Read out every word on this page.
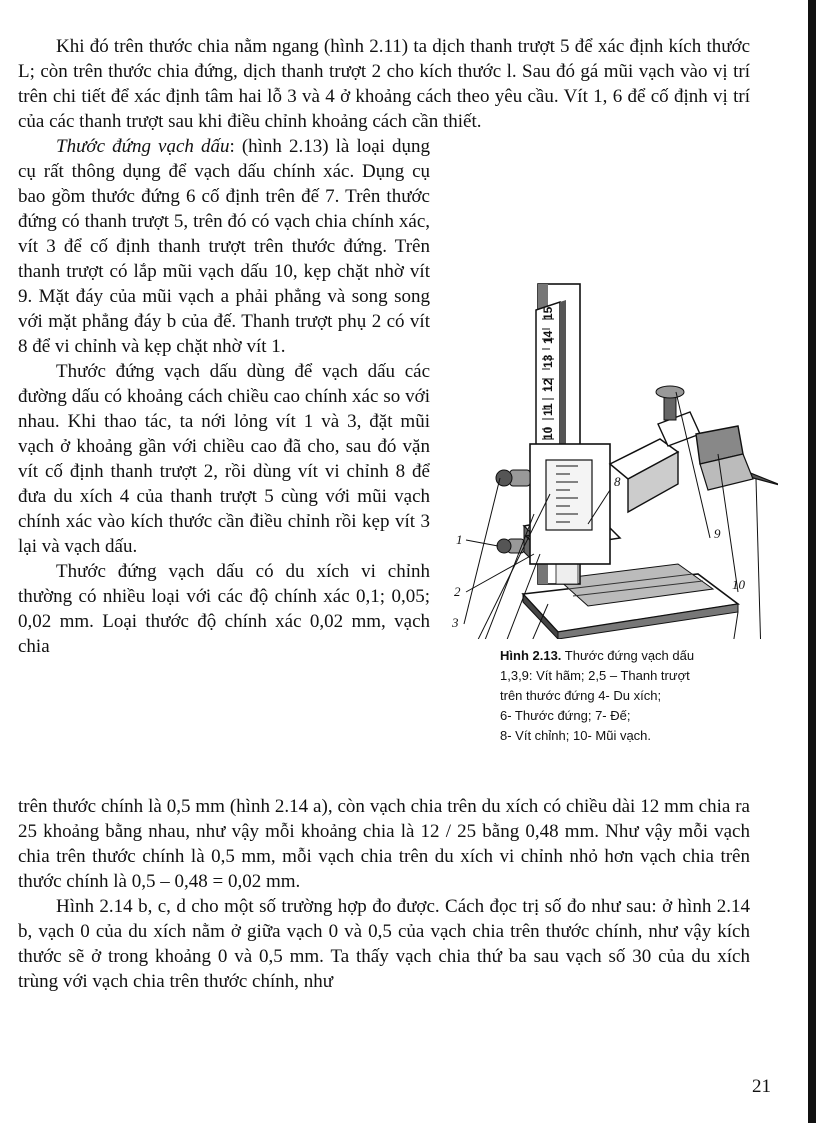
Khi đó trên thước chia nằm ngang (hình 2.11) ta dịch thanh trượt 5 để xác định kích thước L; còn trên thước chia đứng, dịch thanh trượt 2 cho kích thước l. Sau đó gá mũi vạch vào vị trí trên chi tiết để xác định tâm hai lỗ 3 và 4 ở khoảng cách theo yêu cầu. Vít 1, 6 để cố định vị trí của các thanh trượt sau khi điều chỉnh khoảng cách cần thiết.

Thước đứng vạch dấu: (hình 2.13) là loại dụng cụ rất thông dụng để vạch dấu chính xác. Dụng cụ bao gồm thước đứng 6 cố định trên đế 7. Trên thước đứng có thanh trượt 5, trên đó có vạch chia chính xác, vít 3 để cố định thanh trượt trên thước đứng. Trên thanh trượt có lắp mũi vạch dấu 10, kẹp chặt nhờ vít 9. Mặt đáy của mũi vạch a phải phẳng và song song với mặt phẳng đáy b của đế. Thanh trượt phụ 2 có vít 8 để vi chỉnh và kẹp chặt nhờ vít 1.

Thước đứng vạch dấu dùng để vạch dấu các đường dấu có khoảng cách chiều cao chính xác so với nhau. Khi thao tác, ta nới lỏng vít 1 và 3, đặt mũi vạch ở khoảng gần với chiều cao đã cho, sau đó vặn vít cố định thanh trượt 2, rồi dùng vít vi chỉnh 8 để đưa du xích 4 của thanh trượt 5 cùng với mũi vạch chính xác vào kích thước cần điều chỉnh rồi kẹp vít 3 lại và vạch dấu.

Thước đứng vạch dấu có du xích vi chỉnh thường có nhiều loại với các độ chính xác 0,1; 0,05; 0,02 mm. Loại thước độ chính xác 0,02 mm, vạch chia

15
14
13
12
11
10
1
2
3
8
9
10
Hình 2.13. Thước đứng vạch dấu
1,3,9: Vít hãm; 2,5 – Thanh trượt
trên thước đứng 4- Du xích;
6- Thước đứng; 7- Đế;
8- Vít chỉnh; 10- Mũi vạch.

trên thước chính là 0,5 mm (hình 2.14 a), còn vạch chia trên du xích có chiều dài 12 mm chia ra 25 khoảng bằng nhau, như vậy mỗi khoảng chia là 12 / 25 bằng 0,48 mm. Như vậy mỗi vạch chia trên thước chính là 0,5 mm, mỗi vạch chia trên du xích vi chỉnh nhỏ hơn vạch chia trên thước chính là 0,5 – 0,48 = 0,02 mm.

Hình 2.14 b, c, d cho một số trường hợp đo được. Cách đọc trị số đo như sau: ở hình 2.14 b, vạch 0 của du xích nằm ở giữa vạch 0 và 0,5 của vạch chia trên thước chính, như vậy kích thước sẽ ở trong khoảng 0 và 0,5 mm. Ta thấy vạch chia thứ ba sau vạch số 30 của du xích trùng với vạch chia trên thước chính, như

21
